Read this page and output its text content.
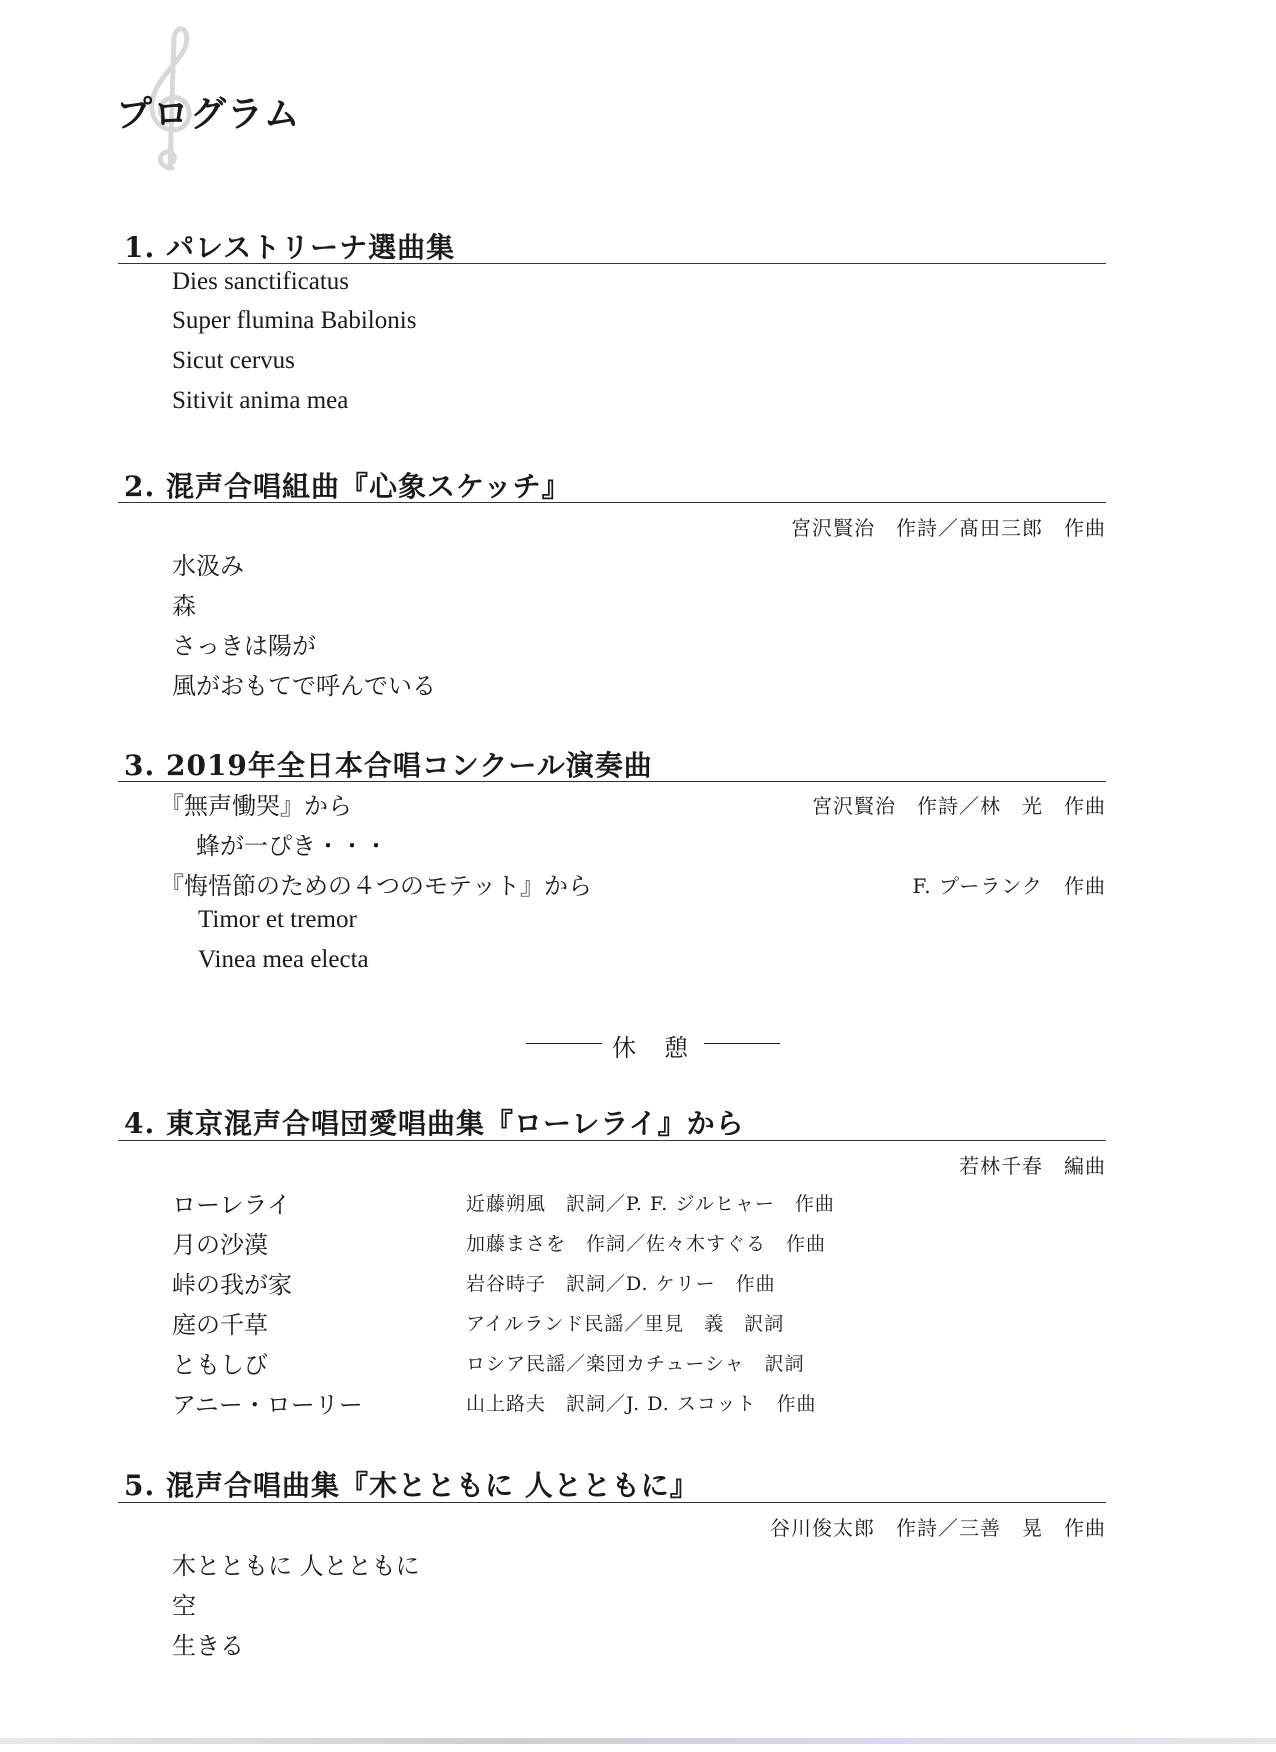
プログラム
1. パレストリーナ選曲集
Dies sanctificatus
Super flumina Babilonis
Sicut cervus
Sitivit anima mea
2. 混声合唱組曲『心象スケッチ』
宮沢賢治　作詩／髙田三郎　作曲
水汲み
森
さっきは陽が
風がおもてで呼んでいる
3. 2019年全日本合唱コンクール演奏曲
『無声慟哭』から	宮沢賢治　作詩／林　光　作曲
蜂が一ぴき・・・
『悔悟節のための４つのモテット』から	F. プーランク　作曲
Timor et tremor
Vinea mea electa
休　憩
4. 東京混声合唱団愛唱曲集『ローレライ』から
若林千春　編曲
ローレライ	近藤朔風　訳詞／P. F. ジルヒャー　作曲
月の沙漠	加藤まさを　作詞／佐々木すぐる　作曲
峠の我が家	岩谷時子　訳詞／D. ケリー　作曲
庭の千草	アイルランド民謡／里見　義　訳詞
ともしび	ロシア民謡／楽団カチューシャ　訳詞
アニー・ローリー	山上路夫　訳詞／J. D. スコット　作曲
5. 混声合唱曲集『木とともに 人とともに』
谷川俊太郎　作詩／三善　晃　作曲
木とともに 人とともに
空
生きる
